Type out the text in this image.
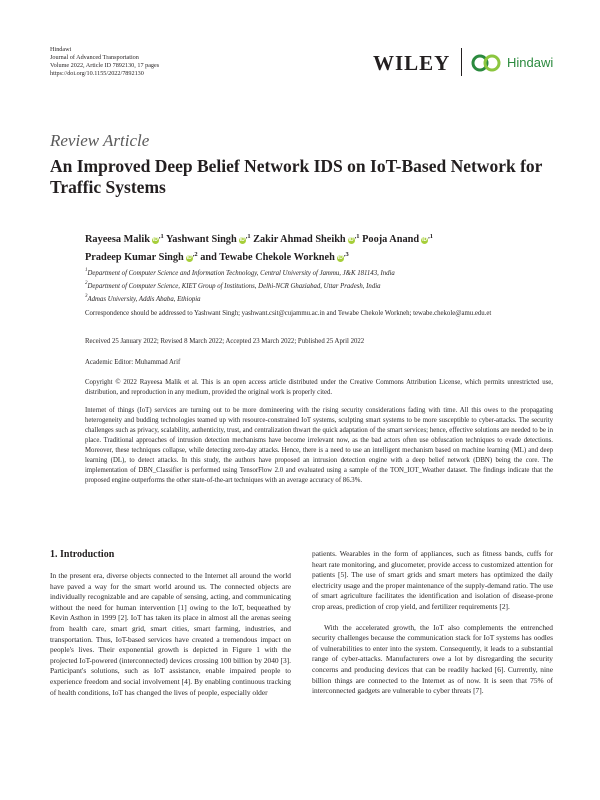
Hindawi
Journal of Advanced Transportation
Volume 2022, Article ID 7892130, 17 pages
https://doi.org/10.1155/2022/7892130	WILEY	Hindawi
Review Article
An Improved Deep Belief Network IDS on IoT-Based Network for Traffic Systems
Rayeesa Malik $iD^{,1}$ Yashwant Singh $iD^{,1}$ Zakir Ahmad Sheikh $iD^{,1}$ Pooja Anand $iD^{,1}$
Pradeep Kumar Singh $iD^{,2}$ and Tewabe Chekole Workneh $iD^{,3}$
$^1$Department of Computer Science and Information Technology, Central University of Jammu, J&K 181143, India
$^2$Department of Computer Science, KIET Group of Institutions, Delhi-NCR Ghaziabad, Uttar Pradesh, India
$^3$Admas University, Addis Ababa, Ethiopia
Correspondence should be addressed to Yashwant Singh; yashwant.csit@cujammu.ac.in and Tewabe Chekole Workneh; tewabe.chekole@amu.edu.et
Received 25 January 2022; Revised 8 March 2022; Accepted 23 March 2022; Published 25 April 2022
Academic Editor: Muhammad Arif
Copyright © 2022 Rayeesa Malik et al. This is an open access article distributed under the Creative Commons Attribution License, which permits unrestricted use, distribution, and reproduction in any medium, provided the original work is properly cited.
Internet of things (IoT) services are turning out to be more domineering with the rising security considerations fading with time. All this owes to the propagating heterogeneity and budding technologies teamed up with resource-constrained IoT systems, sculpting smart systems to be more susceptible to cyber-attacks. The security challenges such as privacy, scalability, authenticity, trust, and centralization thwart the quick adaptation of the smart services; hence, effective solutions are needed to be in place. Traditional approaches of intrusion detection mechanisms have become irrelevant now, as the bad actors often use obfuscation techniques to evade detections. Moreover, these techniques collapse, while detecting zero-day attacks. Hence, there is a need to use an intelligent mechanism based on machine learning (ML) and deep learning (DL), to detect attacks. In this study, the authors have proposed an intrusion detection engine with a deep belief network (DBN) being the core. The implementation of DBN_Classifier is performed using TensorFlow 2.0 and evaluated using a sample of the TON_IOT_Weather dataset. The findings indicate that the proposed engine outperforms the other state-of-the-art techniques with an average accuracy of 86.3%.
1. Introduction

In the present era, diverse objects connected to the Internet all around the world have paved a way for the smart world around us. The connected objects are individually recognizable and are capable of sensing, acting, and communicating without the need for human intervention [1] owing to the IoT, bequeathed by Kevin Asthon in 1999 [2]. IoT has taken its place in almost all the arenas seeing from health care, smart grid, smart cities, smart farming, industries, and transportation. Thus, IoT-based services have created a tremendous impact on people's lives. Their exponential growth is depicted in Figure 1 with the projected IoT-powered (interconnected) devices crossing 100 billion by 2040 [3]. Participant's solutions, such as IoT assistance, enable impaired people to experience freedom and social involvement [4]. By enabling continuous tracking of health conditions, IoT has changed the lives of people, especially older

patients. Wearables in the form of appliances, such as fitness bands, cuffs for heart rate monitoring, and glucometer, provide access to customized attention for patients [5]. The use of smart grids and smart meters has optimized the daily electricity usage and the proper maintenance of the supply-demand ratio. The use of smart agriculture facilitates the identification and isolation of disease-prone crop areas, prediction of crop yield, and fertilizer requirements [2].

With the accelerated growth, the IoT also complements the entrenched security challenges because the communication stack for IoT systems has oodles of vulnerabilities to enter into the system. Consequently, it leads to a substantial range of cyber-attacks. Manufacturers owe a lot by disregarding the security concerns and producing devices that can be readily hacked [6]. Currently, nine billion things are connected to the Internet as of now. It is seen that 75% of interconnected gadgets are vulnerable to cyber threats [7].
